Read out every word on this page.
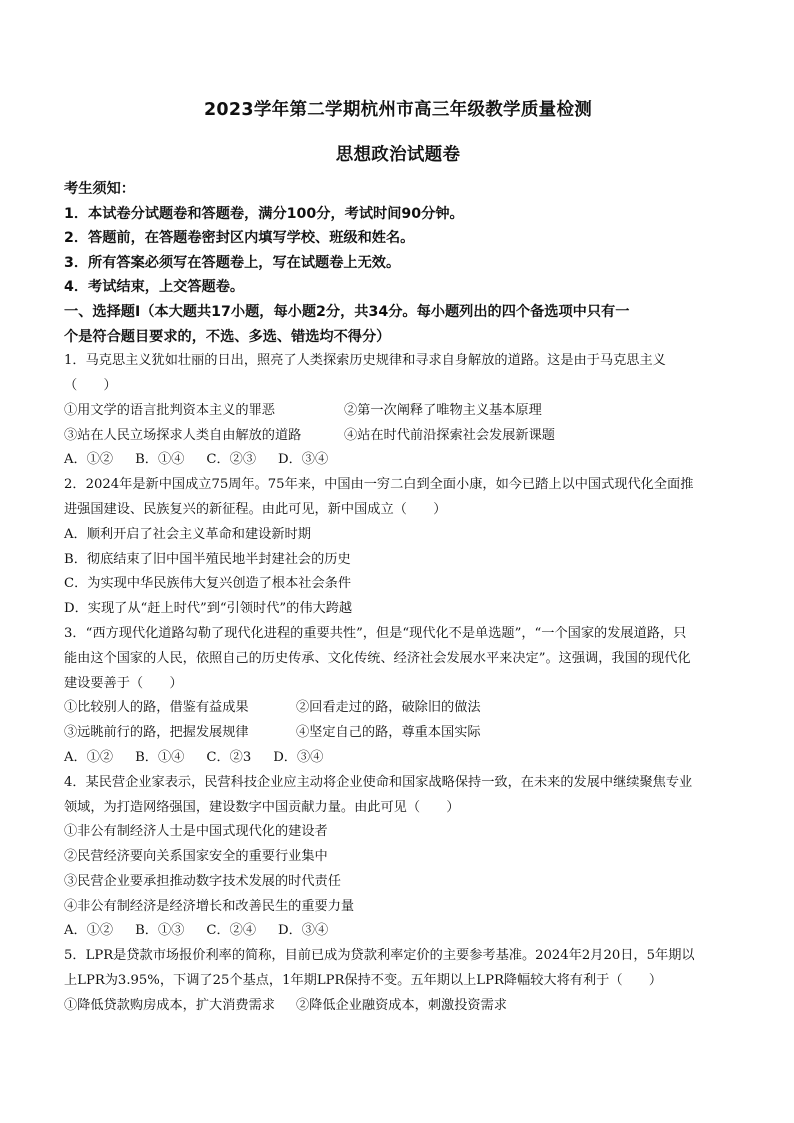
2023学年第二学期杭州市高三年级教学质量检测
思想政治试题卷
考生须知：
1．本试卷分试题卷和答题卷，满分100分，考试时间90分钟。
2．答题前，在答题卷密封区内填写学校、班级和姓名。
3．所有答案必须写在答题卷上，写在试题卷上无效。
4．考试结束，上交答题卷。
一、选择题Ⅰ（本大题共17小题，每小题2分，共34分。每小题列出的四个备选项中只有一
个是符合题目要求的，不选、多选、错选均不得分）
1．马克思主义犹如壮丽的日出，照亮了人类探索历史规律和寻求自身解放的道路。这是由于马克思主义
（　　）
①用文学的语言批判资本主义的罪恶	②第一次阐释了唯物主义基本原理
③站在人民立场探求人类自由解放的道路	④站在时代前沿探索社会发展新课题
A．①② B．①④ C．②③ D．③④
2．2024年是新中国成立75周年。75年来，中国由一穷二白到全面小康，如今已踏上以中国式现代化全面推
进强国建设、民族复兴的新征程。由此可见，新中国成立（　　）
A．顺利开启了社会主义革命和建设新时期
B．彻底结束了旧中国半殖民地半封建社会的历史
C．为实现中华民族伟大复兴创造了根本社会条件
D．实现了从“赶上时代”到“引领时代”的伟大跨越
3．“西方现代化道路勾勒了现代化进程的重要共性”，但是“现代化不是单选题”，“一个国家的发展道路，只
能由这个国家的人民，依照自己的历史传承、文化传统、经济社会发展水平来决定”。这强调，我国的现代化
建设要善于（　　）
①比较别人的路，借鉴有益成果	②回看走过的路，破除旧的做法
③远眺前行的路，把握发展规律	④坚定自己的路，尊重本国实际
A．①② B．①④ C．②3 D．③④
4．某民营企业家表示，民营科技企业应主动将企业使命和国家战略保持一致，在未来的发展中继续聚焦专业
领域，为打造网络强国，建设数字中国贡献力量。由此可见（　　）
①非公有制经济人士是中国式现代化的建设者
②民营经济要向关系国家安全的重要行业集中
③民营企业要承担推动数字技术发展的时代责任
④非公有制经济是经济增长和改善民生的重要力量
A．①② B．①③ C．②④ D．③④
5．LPR是贷款市场报价利率的简称，目前已成为贷款利率定价的主要参考基准。2024年2月20日，5年期以
上LPR为3.95%，下调了25个基点，1年期LPR保持不变。五年期以上LPR降幅较大将有利于（　　）
①降低贷款购房成本，扩大消费需求	②降低企业融资成本，刺激投资需求
